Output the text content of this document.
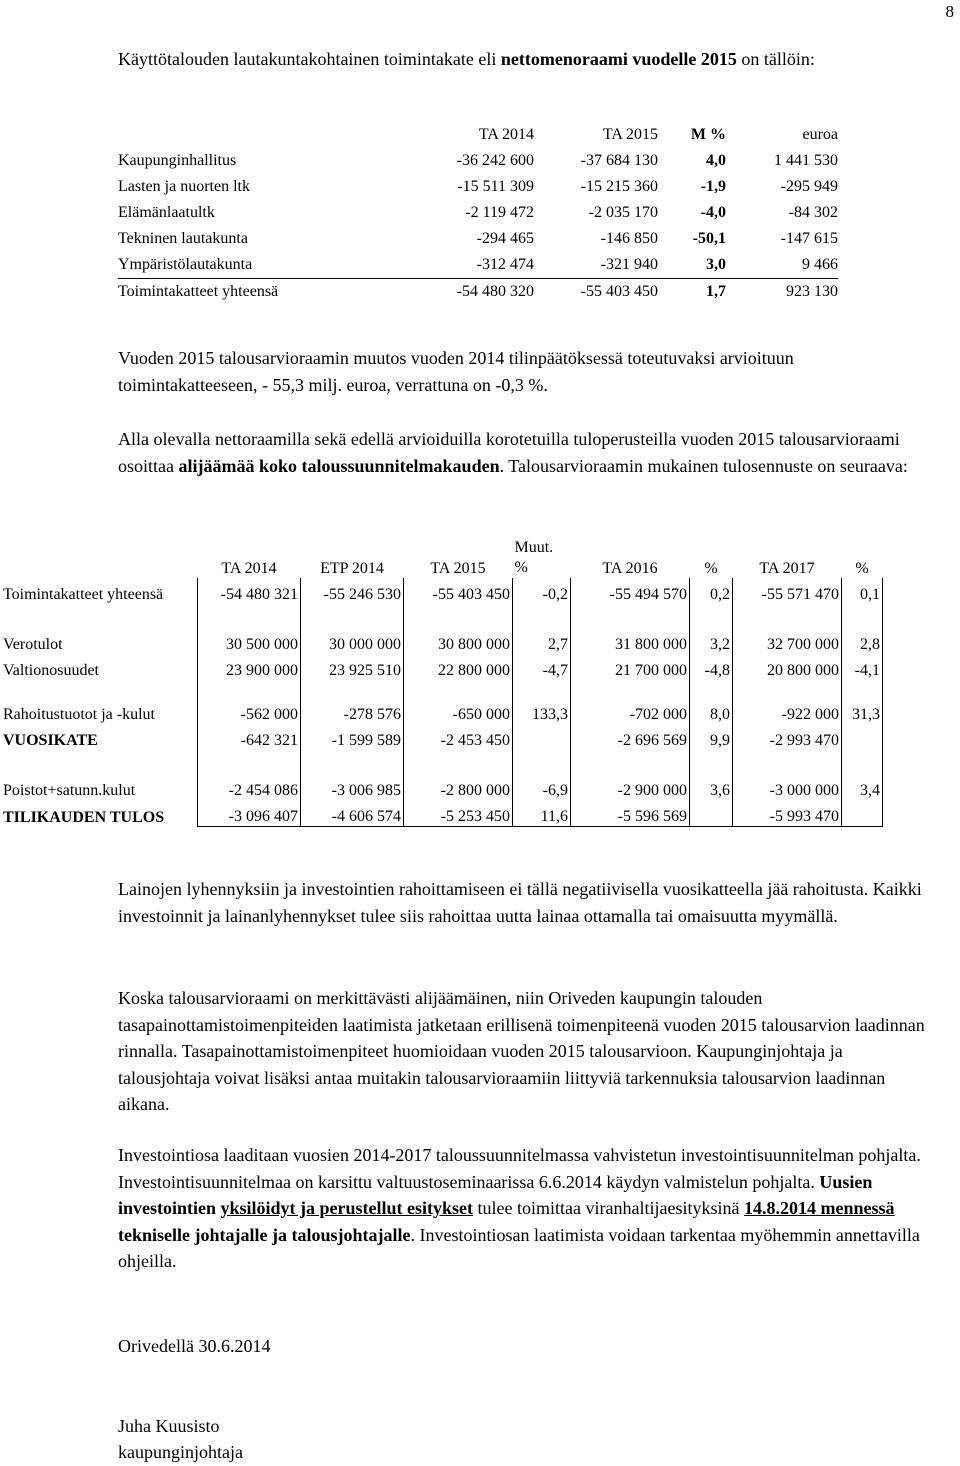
8

Käyttötalouden lautakuntakohtainen toimintakate eli nettomenoraami vuodelle 2015 on tällöin:

	TA 2014	TA 2015	M %	euroa
Kaupunginhallitus	-36 242 600	-37 684 130	4,0	1 441 530
Lasten ja nuorten ltk	-15 511 309	-15 215 360	-1,9	-295 949
Elämänlaatultk	-2 119 472	-2 035 170	-4,0	-84 302
Tekninen lautakunta	-294 465	-146 850	-50,1	-147 615
Ympäristölautakunta	-312 474	-321 940	3,0	9 466
Toimintakatteet yhteensä	-54 480 320	-55 403 450	1,7	923 130

Vuoden 2015 talousarvioraamin muutos vuoden 2014 tilinpäätöksessä toteutuvaksi arvioituun toimintakatteeseen, - 55,3 milj. euroa, verrattuna on -0,3 %.

Alla olevalla nettoraamilla sekä edellä arvioiduilla korotetuilla tuloperusteilla vuoden 2015 talousarvioraami osoittaa alijäämää koko taloussuunnitelmakauden. Talousarvioraamin mukainen tulosennuste on seuraava:

	TA 2014	ETP 2014	TA 2015	Muut. %	TA 2016	%	TA 2017	%
Toimintakatteet yhteensä	-54 480 321	-55 246 530	-55 403 450	-0,2	-55 494 570	0,2	-55 571 470	0,1

Verotulot	30 500 000	30 000 000	30 800 000	2,7	31 800 000	3,2	32 700 000	2,8
Valtionosuudet	23 900 000	23 925 510	22 800 000	-4,7	21 700 000	-4,8	20 800 000	-4,1
Rahoitustuotot ja -kulut	-562 000	-278 576	-650 000	133,3	-702 000	8,0	-922 000	31,3
VUOSIKATE	-642 321	-1 599 589	-2 453 450		-2 696 569	9,9	-2 993 470	

Poistot+satunn.kulut	-2 454 086	-3 006 985	-2 800 000	-6,9	-2 900 000	3,6	-3 000 000	3,4
TILIKAUDEN TULOS	-3 096 407	-4 606 574	-5 253 450	11,6	-5 596 569		-5 993 470	

Lainojen lyhennyksiin ja investointien rahoittamiseen ei tällä negatiivisella vuosikatteella jää rahoitusta. Kaikki investoinnit ja lainanlyhennykset tulee siis rahoittaa uutta lainaa ottamalla tai omaisuutta myymällä.

Koska talousarvioraami on merkittävästi alijäämäinen, niin Oriveden kaupungin talouden tasapainottamistoimenpiteiden laatimista jatketaan erillisenä toimenpiteenä vuoden 2015 talousarvion laadinnan rinnalla. Tasapainottamistoimenpiteet huomioidaan vuoden 2015 talousarvioon. Kaupunginjohtaja ja talousjohtaja voivat lisäksi antaa muitakin talousarvioraamiin liittyviä tarkennuksia talousarvion laadinnan aikana.

Investointiosa laaditaan vuosien 2014-2017 taloussuunnitelmassa vahvistetun investointisuunnitelman pohjalta. Investointisuunnitelmaa on karsittu valtuustoseminaarissa 6.6.2014 käydyn valmistelun pohjalta. Uusien investointien yksilöidyt ja perustellut esitykset tulee toimittaa viranhaltijaesityksinä 14.8.2014 mennessä tekniselle johtajalle ja talousjohtajalle. Investointiosan laatimista voidaan tarkentaa myöhemmin annettavilla ohjeilla.

Orivedellä 30.6.2014

Juha Kuusisto

kaupunginjohtaja
